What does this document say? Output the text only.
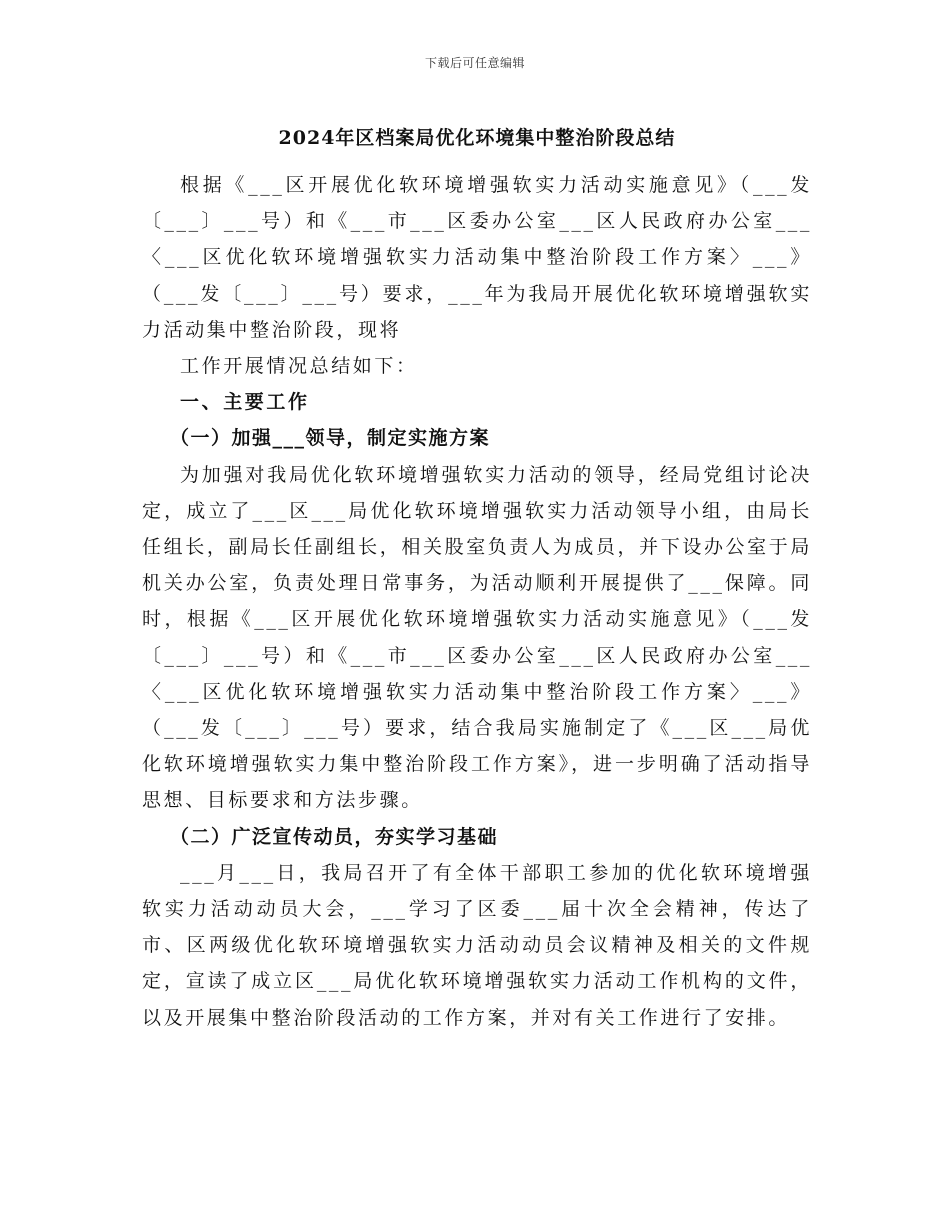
下载后可任意编辑
2024年区档案局优化环境集中整治阶段总结

根据《___区开展优化软环境增强软实力活动实施意见》（___发〔___〕___号）和《___市___区委办公室___区人民政府办公室___〈___区优化软环境增强软实力活动集中整治阶段工作方案〉___》（___发〔___〕___号）要求，___年为我局开展优化软环境增强软实力活动集中整治阶段，现将

工作开展情况总结如下：

一、主要工作
（一）加强___领导，制定实施方案

为加强对我局优化软环境增强软实力活动的领导，经局党组讨论决定，成立了___区___局优化软环境增强软实力活动领导小组，由局长任组长，副局长任副组长，相关股室负责人为成员，并下设办公室于局机关办公室，负责处理日常事务，为活动顺利开展提供了___保障。同时，根据《___区开展优化软环境增强软实力活动实施意见》（___发〔___〕___号）和《___市___区委办公室___区人民政府办公室___〈___区优化软环境增强软实力活动集中整治阶段工作方案〉___》（___发〔___〕___号）要求，结合我局实施制定了《___区___局优化软环境增强软实力集中整治阶段工作方案》，进一步明确了活动指导思想、目标要求和方法步骤。

（二）广泛宣传动员，夯实学习基础

___月___日，我局召开了有全体干部职工参加的优化软环境增强软实力活动动员大会，___学习了区委___届十次全会精神，传达了市、区两级优化软环境增强软实力活动动员会议精神及相关的文件规定，宣读了成立区___局优化软环境增强软实力活动工作机构的文件，以及开展集中整治阶段活动的工作方案，并对有关工作进行了安排。
